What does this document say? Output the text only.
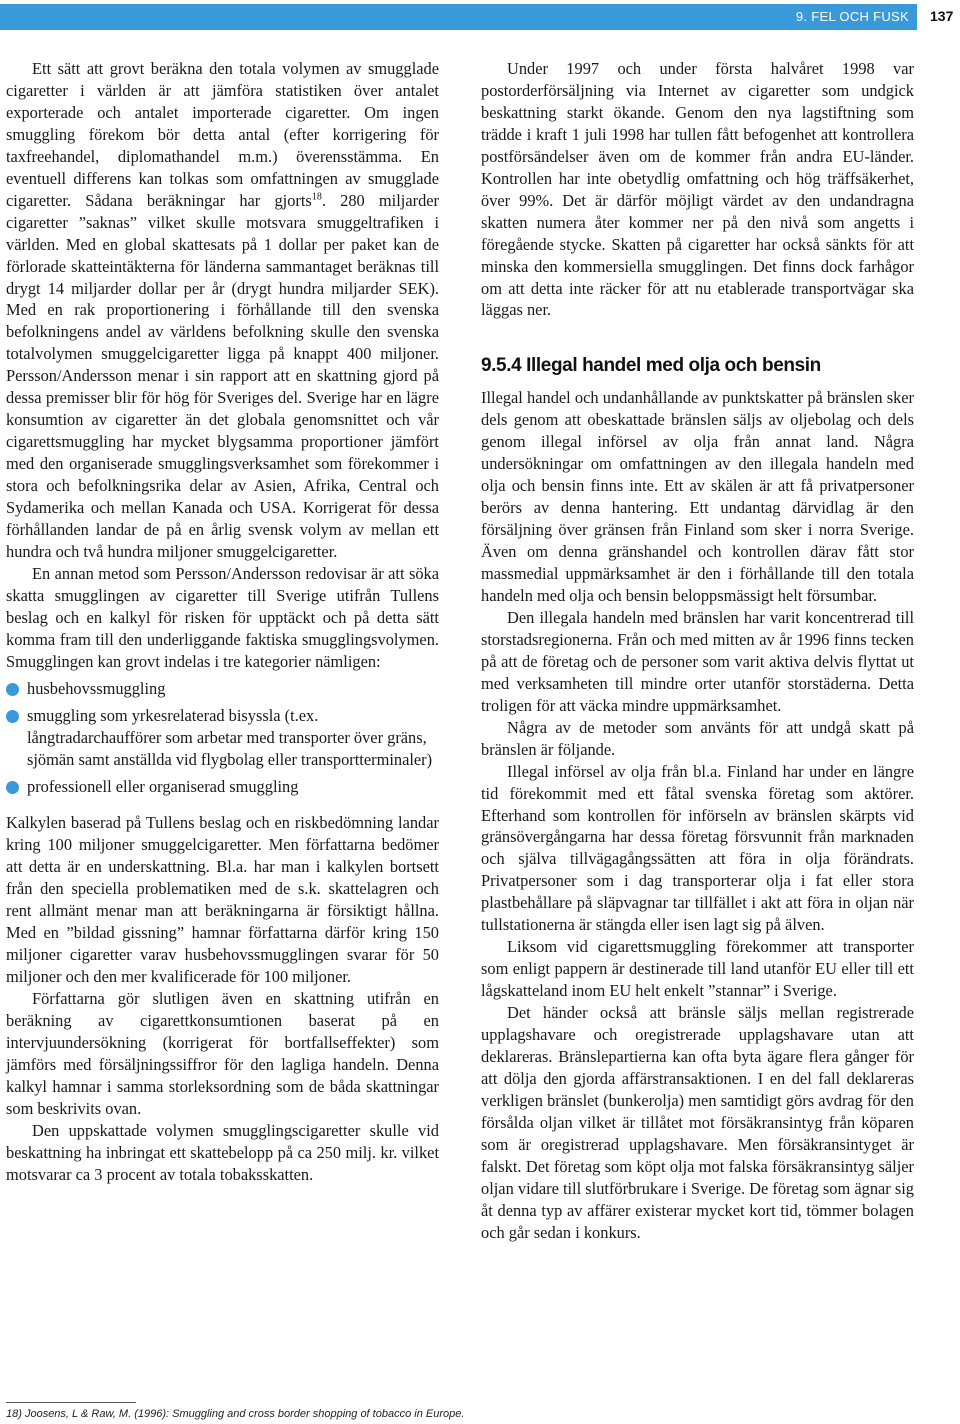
9. FEL OCH FUSK 137

Ett sätt att grovt beräkna den totala volymen av smugglade cigaretter i världen är att jämföra statistiken över antalet exporterade och antalet importerade cigaretter. Om ingen smuggling förekom bör detta antal (efter korrigering för taxfreehandel, diplomathandel m.m.) överensstämma. En eventuell differens kan tolkas som omfattningen av smugglade cigaretter. Sådana beräkningar har gjorts$^{18}$. 280 miljarder cigaretter ”saknas” vilket skulle motsvara smuggeltrafiken i världen. Med en global skattesats på 1 dollar per paket kan de förlorade skatteintäkterna för länderna sammantaget beräknas till drygt 14 miljarder dollar per år (drygt hundra miljarder SEK). Med en rak proportionering i förhållande till den svenska befolkningens andel av världens befolkning skulle den svenska totalvolymen smuggelcigaretter ligga på knappt 400 miljoner. Persson/Andersson menar i sin rapport att en skattning gjord på dessa premisser blir för hög för Sveriges del. Sverige har en lägre konsumtion av cigaretter än det globala genomsnittet och vår cigarettsmuggling har mycket blygsamma proportioner jämfört med den organiserade smugglingsverksamhet som förekommer i stora och befolkningsrika delar av Asien, Afrika, Central och Sydamerika och mellan Kanada och USA. Korrigerat för dessa förhållanden landar de på en årlig svensk volym av mellan ett hundra och två hundra miljoner smuggelcigaretter.

En annan metod som Persson/Andersson redovisar är att söka skatta smugglingen av cigaretter till Sverige utifrån Tullens beslag och en kalkyl för risken för upptäckt och på detta sätt komma fram till den underliggande faktiska smugglingsvolymen. Smugglingen kan grovt indelas i tre kategorier nämligen:

husbehovssmuggling
smuggling som yrkesrelaterad bisyssla (t.ex. långtradarchaufförer som arbetar med transporter över gräns, sjömän samt anställda vid flygbolag eller transportterminaler)
professionell eller organiserad smuggling

Kalkylen baserad på Tullens beslag och en riskbedömning landar kring 100 miljoner smuggelcigaretter. Men författarna bedömer att detta är en underskattning. Bl.a. har man i kalkylen bortsett från den speciella problematiken med de s.k. skattelagren och rent allmänt menar man att beräkningarna är försiktigt hållna. Med en ”bildad gissning” hamnar författarna därför kring 150 miljoner cigaretter varav husbehovssmugglingen svarar för 50 miljoner och den mer kvalificerade för 100 miljoner.

Författarna gör slutligen även en skattning utifrån en beräkning av cigarettkonsumtionen baserat på en intervjuundersökning (korrigerat för bortfallseffekter) som jämförs med försäljningssiffror för den lagliga handeln. Denna kalkyl hamnar i samma storleksordning som de båda skattningar som beskrivits ovan.

Den uppskattade volymen smugglingscigaretter skulle vid beskattning ha inbringat ett skattebelopp på ca 250 milj. kr. vilket motsvarar ca 3 procent av totala tobaksskatten.

Under 1997 och under första halvåret 1998 var postorderförsäljning via Internet av cigaretter som undgick beskattning starkt ökande. Genom den nya lagstiftning som trädde i kraft 1 juli 1998 har tullen fått befogenhet att kontrollera postförsändelser även om de kommer från andra EU-länder. Kontrollen har inte obetydlig omfattning och hög träffsäkerhet, över 99%. Det är därför möjligt värdet av den undandragna skatten numera åter kommer ner på den nivå som angetts i föregående stycke. Skatten på cigaretter har också sänkts för att minska den kommersiella smugglingen. Det finns dock farhågor om att detta inte räcker för att nu etablerade transportvägar ska läggas ner.

9.5.4 Illegal handel med olja och bensin

Illegal handel och undanhållande av punktskatter på bränslen sker dels genom att obeskattade bränslen säljs av oljebolag och dels genom illegal införsel av olja från annat land. Några undersökningar om omfattningen av den illegala handeln med olja och bensin finns inte. Ett av skälen är att få privatpersoner berörs av denna hantering. Ett undantag därvidlag är den försäljning över gränsen från Finland som sker i norra Sverige. Även om denna gränshandel och kontrollen därav fått stor massmedial uppmärksamhet är den i förhållande till den totala handeln med olja och bensin beloppsmässigt helt försumbar.

Den illegala handeln med bränslen har varit koncentrerad till storstadsregionerna. Från och med mitten av år 1996 finns tecken på att de företag och de personer som varit aktiva delvis flyttat ut med verksamheten till mindre orter utanför storstäderna. Detta troligen för att väcka mindre uppmärksamhet.

Några av de metoder som använts för att undgå skatt på bränslen är följande.

Illegal införsel av olja från bl.a. Finland har under en längre tid förekommit med ett fåtal svenska företag som aktörer. Efterhand som kontrollen för införseln av bränslen skärpts vid gränsövergångarna har dessa företag försvunnit från marknaden och själva tillvägagångssätten att föra in olja förändrats. Privatpersoner som i dag transporterar olja i fat eller stora plastbehållare på släpvagnar tar tillfället i akt att föra in oljan när tullstationerna är stängda eller isen lagt sig på älven.

Liksom vid cigarettsmuggling förekommer att transporter som enligt pappern är destinerade till land utanför EU eller till ett lågskatteland inom EU helt enkelt ”stannar” i Sverige.

Det händer också att bränsle säljs mellan registrerade upplagshavare och oregistrerade upplagshavare utan att deklareras. Bränslepartierna kan ofta byta ägare flera gånger för att dölja den gjorda affärstransaktionen. I en del fall deklareras verkligen bränslet (bunkerolja) men samtidigt görs avdrag för den försålda oljan vilket är tillåtet mot försäkransintyg från köparen som är oregistrerad upplagshavare. Men försäkransintyget är falskt. Det företag som köpt olja mot falska försäkransintyg säljer oljan vidare till slutförbrukare i Sverige. De företag som ägnar sig åt denna typ av affärer existerar mycket kort tid, tömmer bolagen och går sedan i konkurs.

18) Joosens, L & Raw, M. (1996): Smuggling and cross border shopping of tobacco in Europe.
